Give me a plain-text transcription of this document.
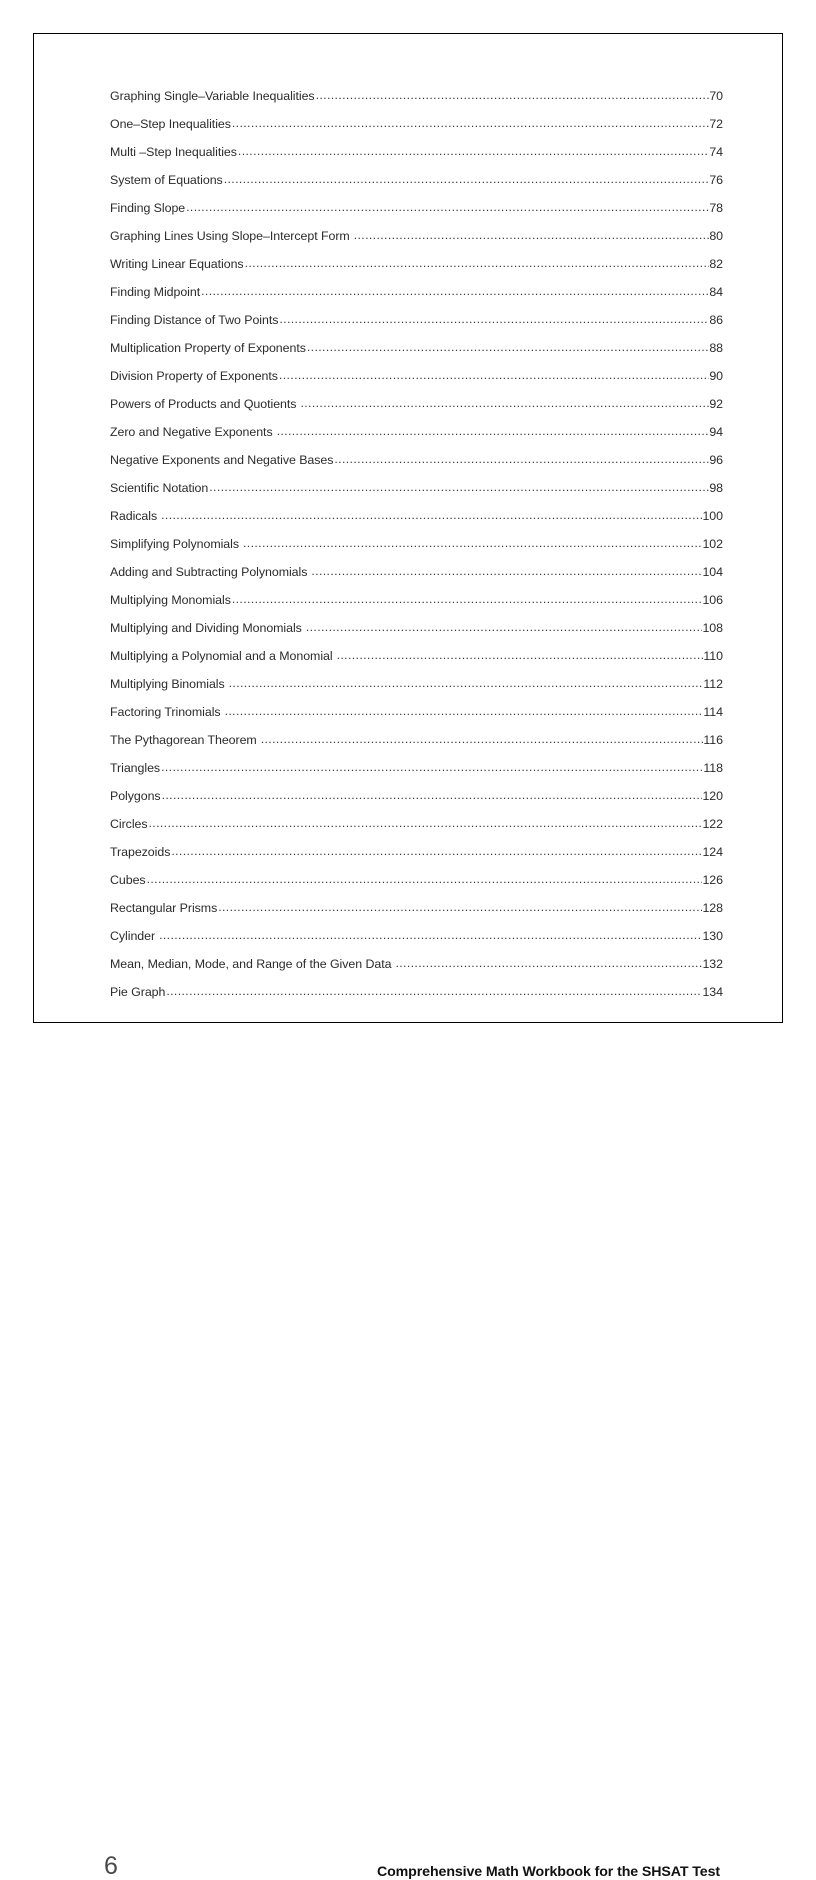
Graphing Single–Variable Inequalities .....	70
One–Step Inequalities .....	72
Multi –Step Inequalities .....	74
System of Equations .....	76
Finding Slope .....	78
Graphing Lines Using Slope–Intercept Form .....	80
Writing Linear Equations .....	82
Finding Midpoint .....	84
Finding Distance of Two Points .....	86
Multiplication Property of Exponents .....	88
Division Property of Exponents .....	90
Powers of Products and Quotients .....	92
Zero and Negative Exponents .....	94
Negative Exponents and Negative Bases .....	96
Scientific Notation .....	98
Radicals .....	100
Simplifying Polynomials .....	102
Adding and Subtracting Polynomials .....	104
Multiplying Monomials .....	106
Multiplying and Dividing Monomials .....	108
Multiplying a Polynomial and a Monomial .....	110
Multiplying Binomials .....	112
Factoring Trinomials .....	114
The Pythagorean Theorem .....	116
Triangles .....	118
Polygons .....	120
Circles .....	122
Trapezoids .....	124
Cubes .....	126
Rectangular Prisms .....	128
Cylinder .....	130
Mean, Median, Mode, and Range of the Given Data .....	132
Pie Graph .....	134
6	Comprehensive Math Workbook for the SHSAT Test
